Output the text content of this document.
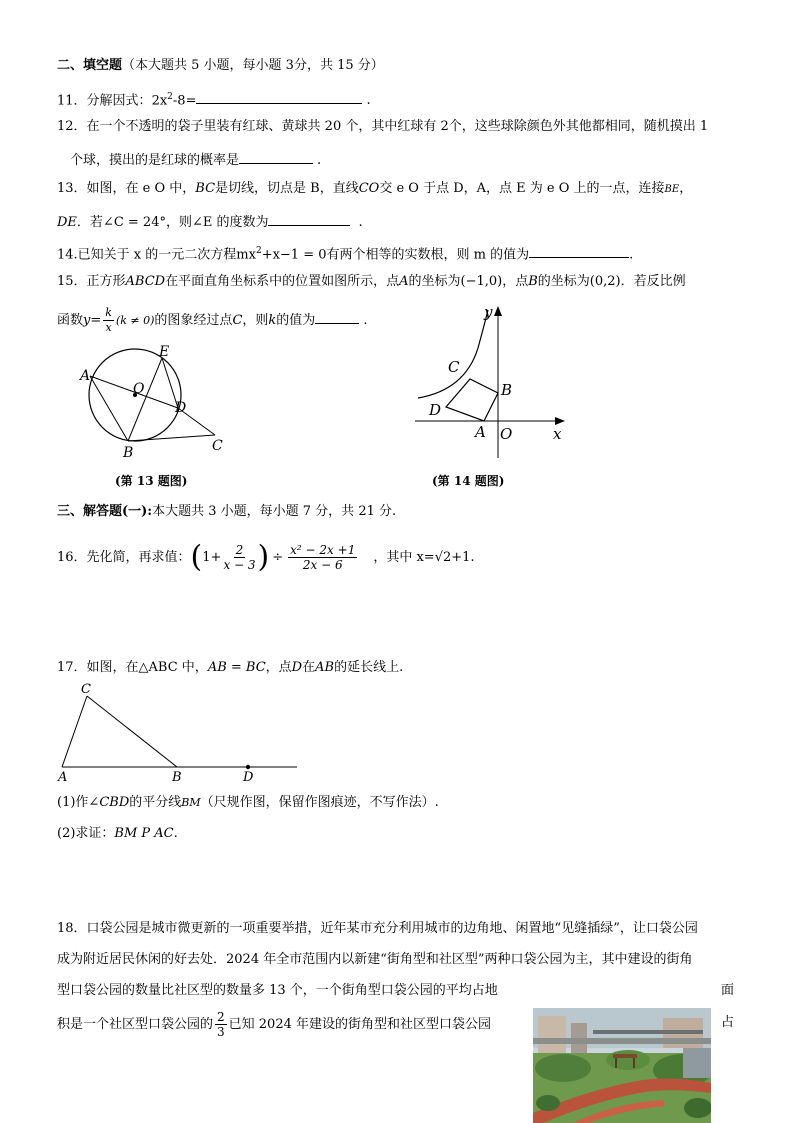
二、填空题（本大题共 5 小题，每小题 3分，共 15 分）
11．分解因式：$2x^2-8=$	.
12．在一个不透明的袋子里装有红球、黄球共 20 个，其中红球有 2个，这些球除颜色外其他都相同，随机摸出 1
个球，摸出的是红球的概率是	.
13．如图，在 e O 中，BC是切线，切点是 B，直线CO交 e O 于点 D，A，点 E 为 e O 上的一点，连接BE，
DE．若∠C = 24°，则∠E 的度数为	.
14.已知关于 x 的一元二次方程$mx^2+x-1 = 0$有两个相等的实数根，则 m 的值为	.
15．正方形ABCD在平面直角坐标系中的位置如图所示，点A的坐标为(−1,0)，点B的坐标为(0,2)．若反比例
函数$y= \frac{k}{x} (k \ne 0)$的图象经过点C，则k的值为	.
A
O
E
D
B	C
(第 13 题图)
y
C
B
D
A O	x
(第 14 题图)
三、解答题(一):本大题共 3 小题，每小题 7 分，共 21 分.
16．先化简，再求值：($1+ \frac{2}{x - 3}$ ) ÷ $\frac{\text{x² − 2x +1}}{2x - 6}$ ，其中 x=√2+1.
17．如图，在△ABC 中，AB = BC，点D在AB的延长线上.
C
A	B	D
(1)作∠CBD的平分线BM（尺规作图，保留作图痕迹，不写作法）.
(2)求证：BM P AC.
18．口袋公园是城市微更新的一项重要举措，近年某市充分利用城市的边角地、闲置地“见缝插绿”，让口袋公园
成为附近居民休闲的好去处．2024 年全市范围内以新建“街角型和社区型”两种口袋公园为主，其中建设的街角
型口袋公园的数量比社区型的数量多 13 个，一个街角型口袋公园的平均占地	面
积是一个社区型口袋公园的 $\frac{2}{3}$ 已知 2024 年建设的街角型和社区型口袋公园	占
